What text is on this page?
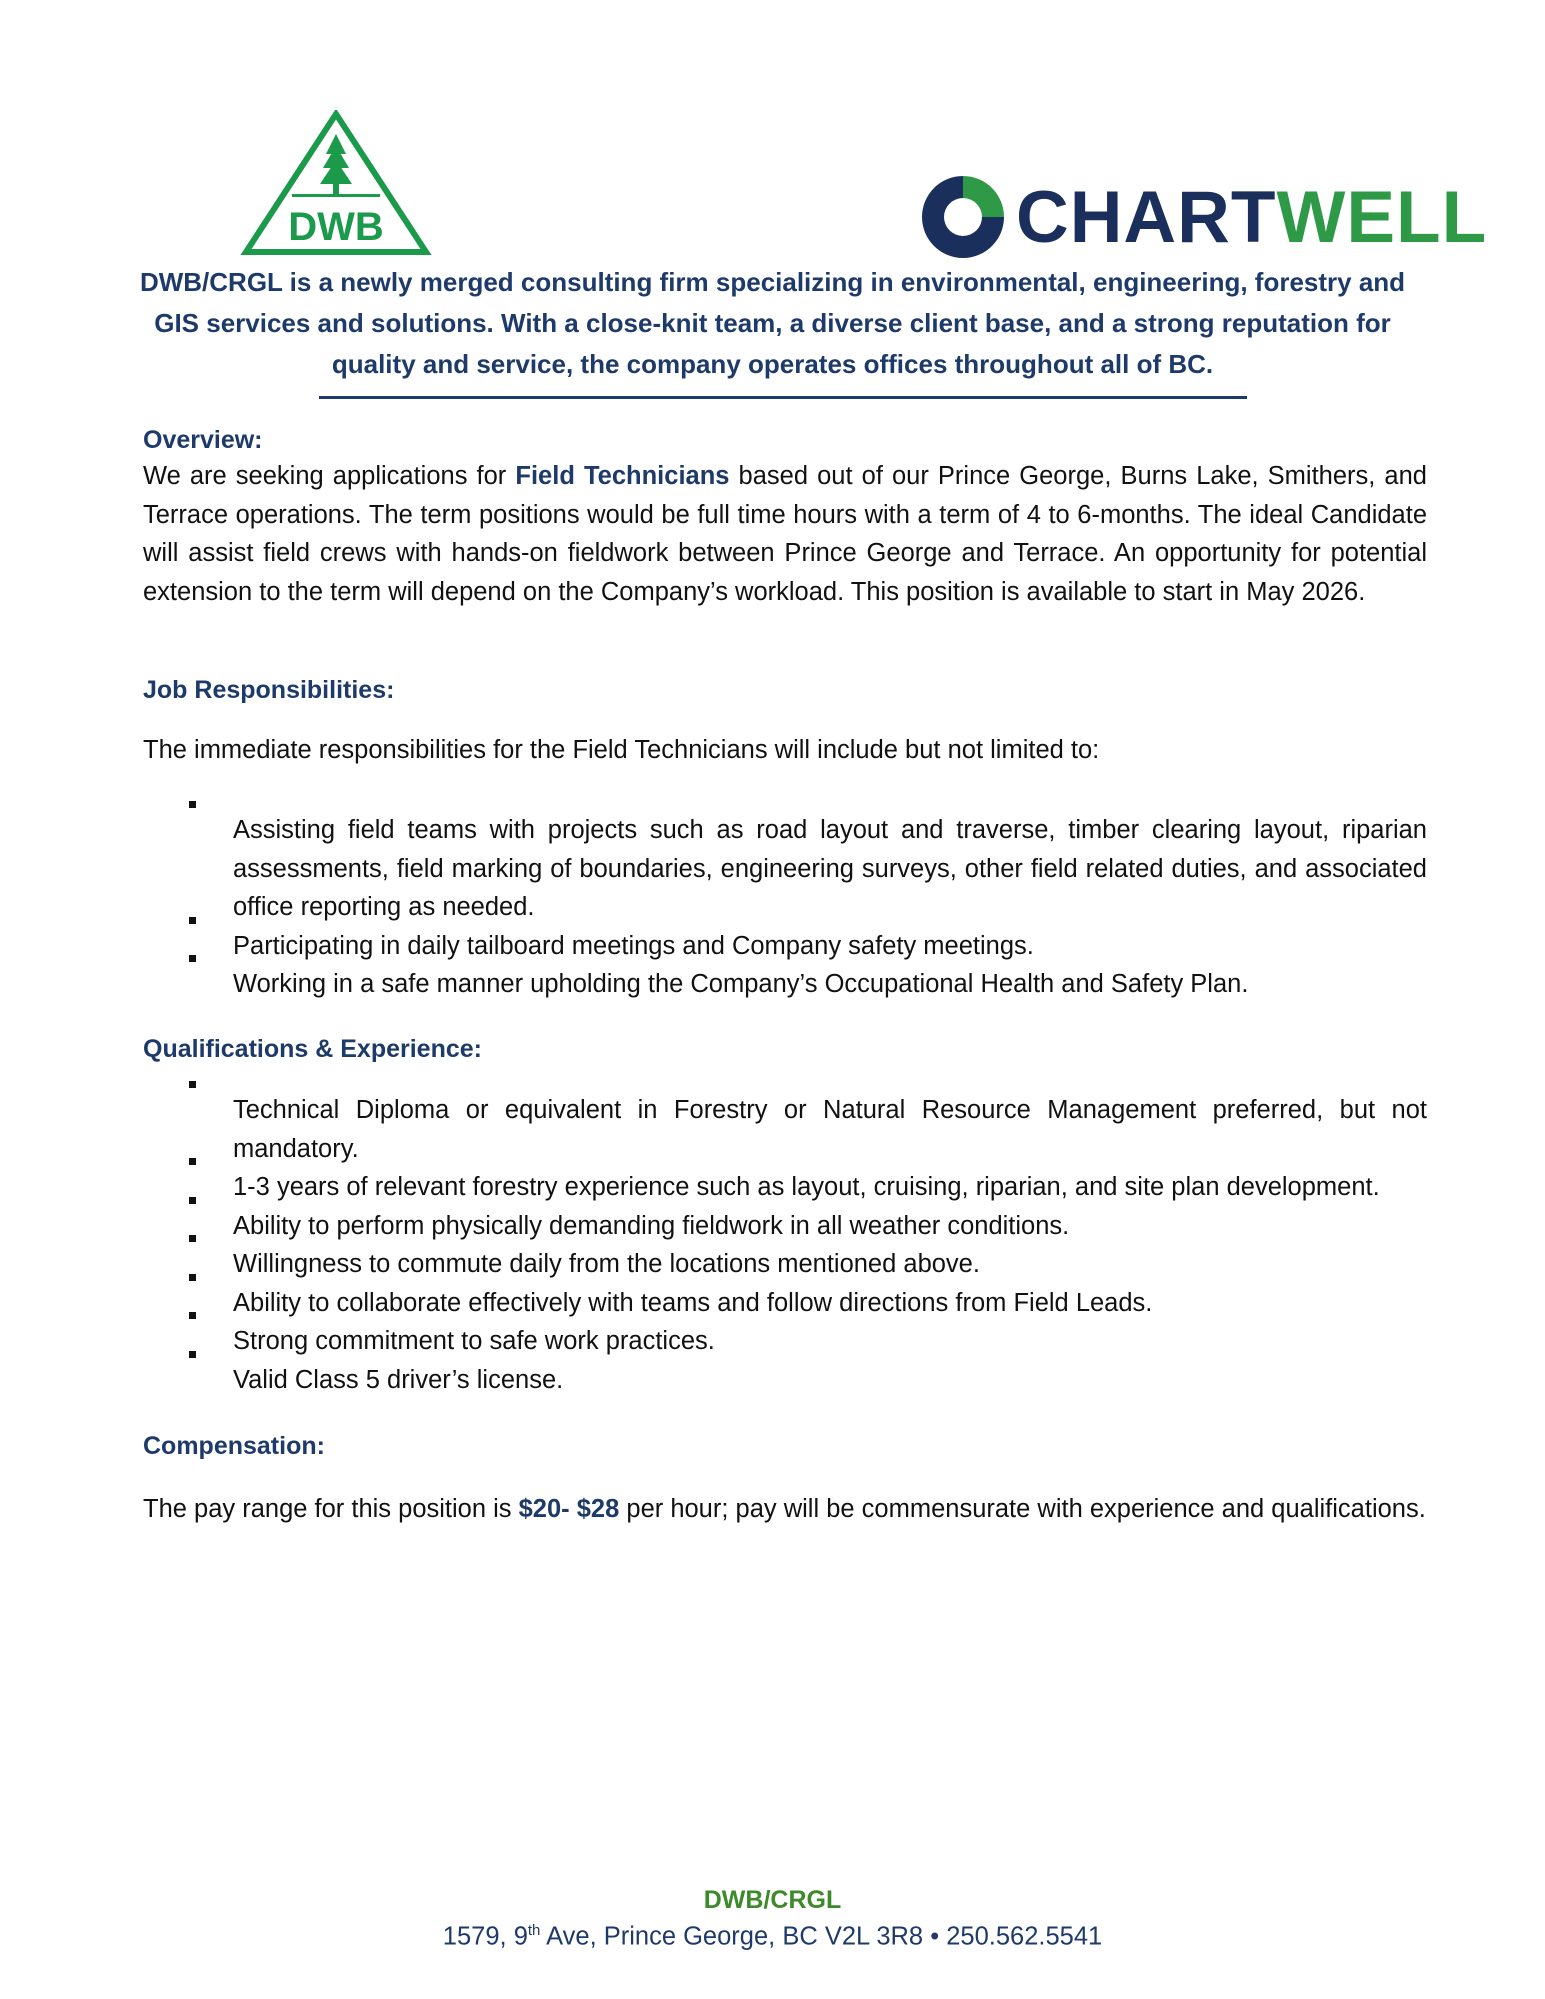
DWB	CHARTWELL

DWB/CRGL is a newly merged consulting firm specializing in environmental, engineering, forestry and GIS services and solutions. With a close-knit team, a diverse client base, and a strong reputation for quality and service, the company operates offices throughout all of BC.

Overview:

We are seeking applications for Field Technicians based out of our Prince George, Burns Lake, Smithers, and Terrace operations. The term positions would be full time hours with a term of 4 to 6-months. The ideal Candidate will assist field crews with hands-on fieldwork between Prince George and Terrace. An opportunity for potential extension to the term will depend on the Company’s workload. This position is available to start in May 2026.

Job Responsibilities:

The immediate responsibilities for the Field Technicians will include but not limited to:

Assisting field teams with projects such as road layout and traverse, timber clearing layout, riparian assessments, field marking of boundaries, engineering surveys, other field related duties, and associated office reporting as needed.
Participating in daily tailboard meetings and Company safety meetings.
Working in a safe manner upholding the Company’s Occupational Health and Safety Plan.
Qualifications & Experience:
Technical Diploma or equivalent in Forestry or Natural Resource Management preferred, but not mandatory.
1-3 years of relevant forestry experience such as layout, cruising, riparian, and site plan development.
Ability to perform physically demanding fieldwork in all weather conditions.
Willingness to commute daily from the locations mentioned above.
Ability to collaborate effectively with teams and follow directions from Field Leads.
Strong commitment to safe work practices.
Valid Class 5 driver’s license.
Compensation:

The pay range for this position is $20- $28 per hour; pay will be commensurate with experience and qualifications.

DWB/CRGL
1579, 9th Ave, Prince George, BC V2L 3R8 • 250.562.5541
